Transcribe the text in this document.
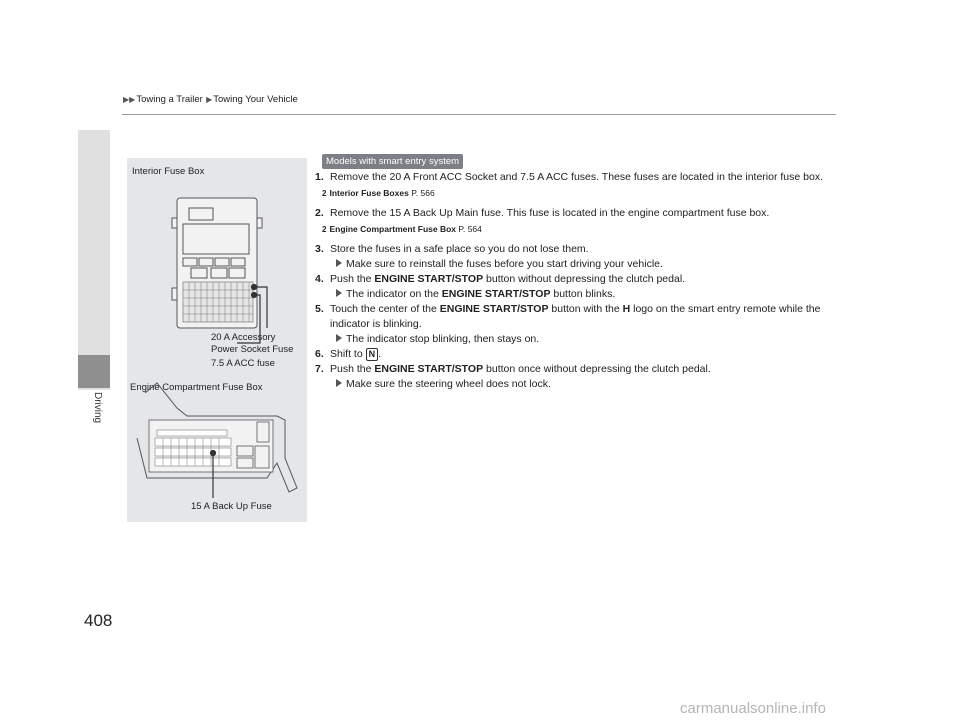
▶▶Towing a Trailer ▶Towing Your Vehicle
Driving
408
Interior Fuse Box
20 A Accessory
Power Socket Fuse
7.5 A ACC fuse
Engine Compartment Fuse Box
15 A Back Up Fuse
Models with smart entry system
1. Remove the 20 A Front ACC Socket and 7.5 A ACC fuses. These fuses are located in the interior fuse box.
2 Interior Fuse Boxes P. 566
2. Remove the 15 A Back Up Main fuse. This fuse is located in the engine compartment fuse box.
2 Engine Compartment Fuse Box P. 564
3. Store the fuses in a safe place so you do not lose them.
Make sure to reinstall the fuses before you start driving your vehicle.
4. Push the ENGINE START/STOP button without depressing the clutch pedal.
The indicator on the ENGINE START/STOP button blinks.
5. Touch the center of the ENGINE START/STOP button with the H logo on the smart entry remote while the indicator is blinking.
The indicator stop blinking, then stays on.
6. Shift to N .
7. Push the ENGINE START/STOP button once without depressing the clutch pedal.
Make sure the steering wheel does not lock.
carmanualsonline.info
